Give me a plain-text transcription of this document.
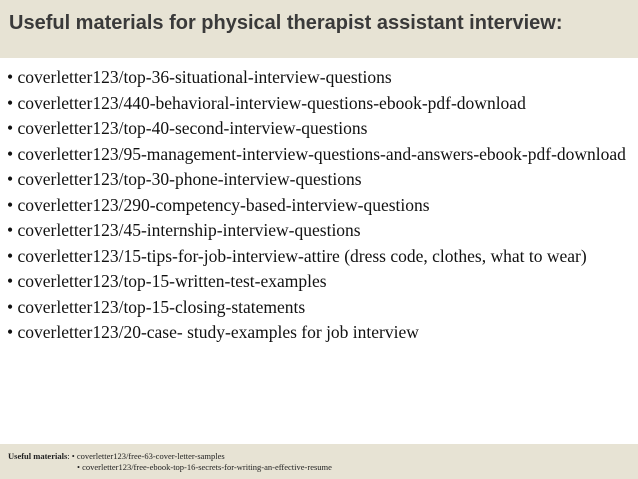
Useful materials for physical therapist assistant interview:
• coverletter123/top-36-situational-interview-questions
• coverletter123/440-behavioral-interview-questions-ebook-pdf-download
• coverletter123/top-40-second-interview-questions
• coverletter123/95-management-interview-questions-and-answers-ebook-pdf-download
• coverletter123/top-30-phone-interview-questions
• coverletter123/290-competency-based-interview-questions
• coverletter123/45-internship-interview-questions
• coverletter123/15-tips-for-job-interview-attire (dress code, clothes, what to wear)
• coverletter123/top-15-written-test-examples
• coverletter123/top-15-closing-statements
• coverletter123/20-case- study-examples for job interview
Useful materials: • coverletter123/free-63-cover-letter-samples
• coverletter123/free-ebook-top-16-secrets-for-writing-an-effective-resume
